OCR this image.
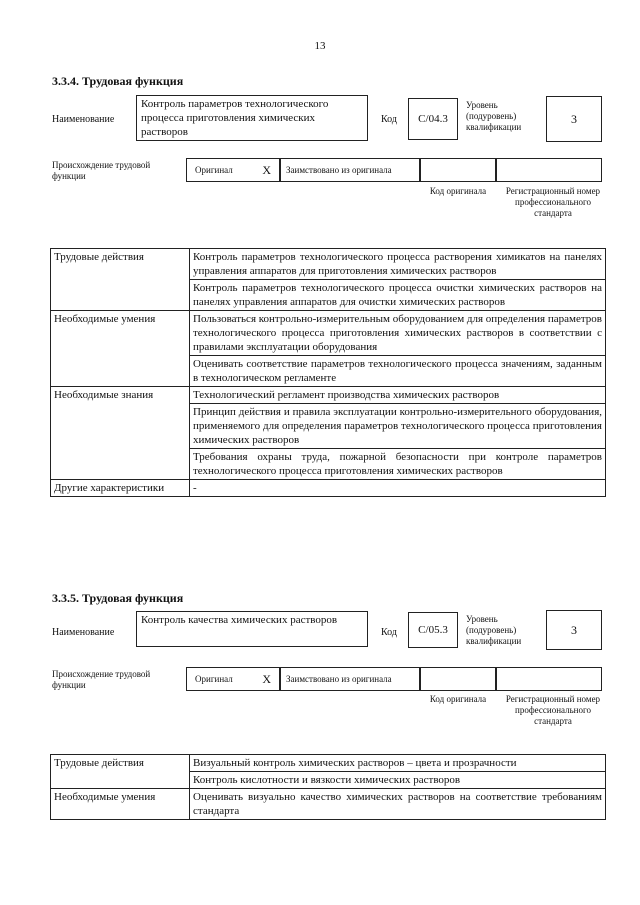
13
3.3.4. Трудовая функция
Наименование
Контроль параметров технологического процесса приготовления химических растворов
Код С/04.3
Уровень (подуровень) квалификации
3
Происхождение трудовой функции
Оригинал X Заимствовано из оригинала
Код оригинала	Регистрационный номер профессионального стандарта
Трудовые действия	Контроль параметров технологического процесса растворения химикатов на панелях управления аппаратов для приготовления химических растворов
	Контроль параметров технологического процесса очистки химических растворов на панелях управления аппаратов для очистки химических растворов
Необходимые умения	Пользоваться контрольно-измерительным оборудованием для определения параметров технологического процесса приготовления химических растворов в соответствии с правилами эксплуатации оборудования
	Оценивать соответствие параметров технологического процесса значениям, заданным в технологическом регламенте
Необходимые знания	Технологический регламент производства химических растворов
	Принцип действия и правила эксплуатации контрольно-измерительного оборудования, применяемого для определения параметров технологического процесса приготовления химических растворов
	Требования охраны труда, пожарной безопасности при контроле параметров технологического процесса приготовления химических растворов
Другие характеристики	-
3.3.5. Трудовая функция
Наименование
Контроль качества химических растворов
Код С/05.3
Уровень (подуровень) квалификации
3
Происхождение трудовой функции
Оригинал X Заимствовано из оригинала
Код оригинала	Регистрационный номер профессионального стандарта
Трудовые действия	Визуальный контроль химических растворов – цвета и прозрачности
	Контроль кислотности и вязкости химических растворов
Необходимые умения	Оценивать визуально качество химических растворов на соответствие требованиям стандарта
